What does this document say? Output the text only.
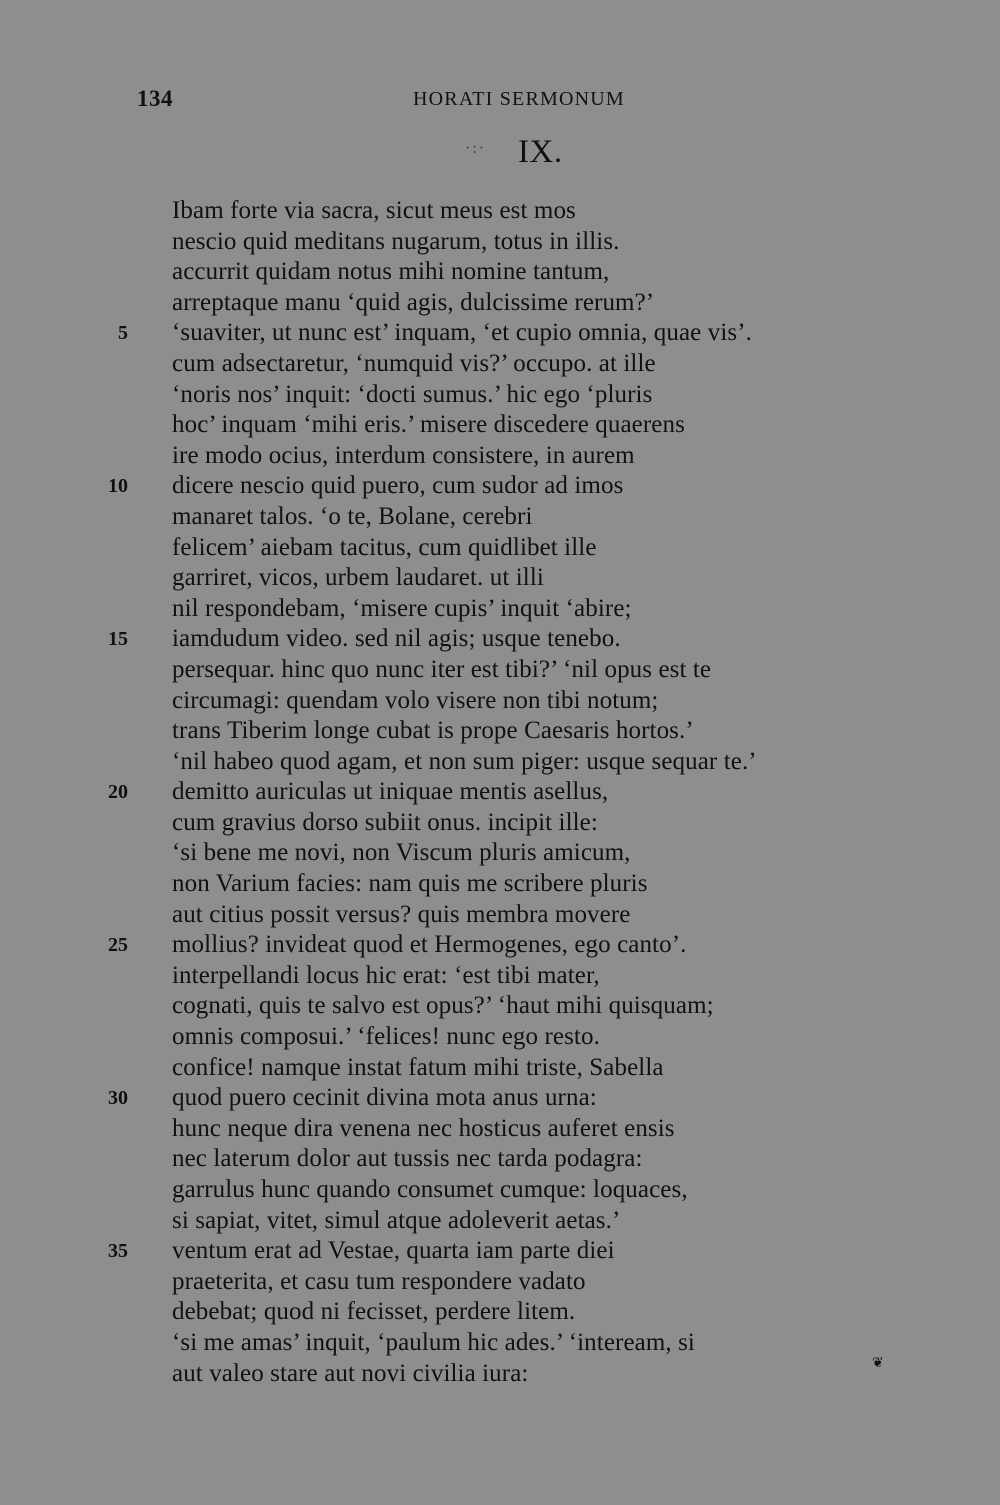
134	HORATI SERMONUM
·:· IX.
Ibam forte via sacra, sicut meus est mos
nescio quid meditans nugarum, totus in illis.
accurrit quidam notus mihi nomine tantum,
arreptaque manu ‘quid agis, dulcissime rerum?’
5 ‘suaviter, ut nunc est’ inquam, ‘et cupio omnia, quae vis’.
cum adsectaretur, ‘numquid vis?’ occupo. at ille
‘noris nos’ inquit: ‘docti sumus.’ hic ego ‘pluris
hoc’ inquam ‘mihi eris.’ misere discedere quaerens
ire modo ocius, interdum consistere, in aurem
10 dicere nescio quid puero, cum sudor ad imos
manaret talos. ‘o te, Bolane, cerebri
felicem’ aiebam tacitus, cum quidlibet ille
garriret, vicos, urbem laudaret. ut illi
nil respondebam, ‘misere cupis’ inquit ‘abire;
15 iamdudum video. sed nil agis; usque tenebo.
persequar. hinc quo nunc iter est tibi?’ ‘nil opus est te
circumagi: quendam volo visere non tibi notum;
trans Tiberim longe cubat is prope Caesaris hortos.’
‘nil habeo quod agam, et non sum piger: usque sequar te.’
20 demitto auriculas ut iniquae mentis asellus,
cum gravius dorso subiit onus. incipit ille:
‘si bene me novi, non Viscum pluris amicum,
non Varium facies: nam quis me scribere pluris
aut citius possit versus? quis membra movere
25 mollius? invideat quod et Hermogenes, ego canto’.
interpellandi locus hic erat: ‘est tibi mater,
cognati, quis te salvo est opus?’ ‘haut mihi quisquam;
omnis composui.’ ‘felices! nunc ego resto.
confice! namque instat fatum mihi triste, Sabella
30 quod puero cecinit divina mota anus urna:
hunc neque dira venena nec hosticus auferet ensis
nec laterum dolor aut tussis nec tarda podagra:
garrulus hunc quando consumet cumque: loquaces,
si sapiat, vitet, simul atque adoleverit aetas.’
35 ventum erat ad Vestae, quarta iam parte diei
praeterita, et casu tum respondere vadato
debebat; quod ni fecisset, perdere litem.
‘si me amas’ inquit, ‘paulum hic ades.’ ‘inteream, si
aut valeo stare aut novi civilia iura:	❦
